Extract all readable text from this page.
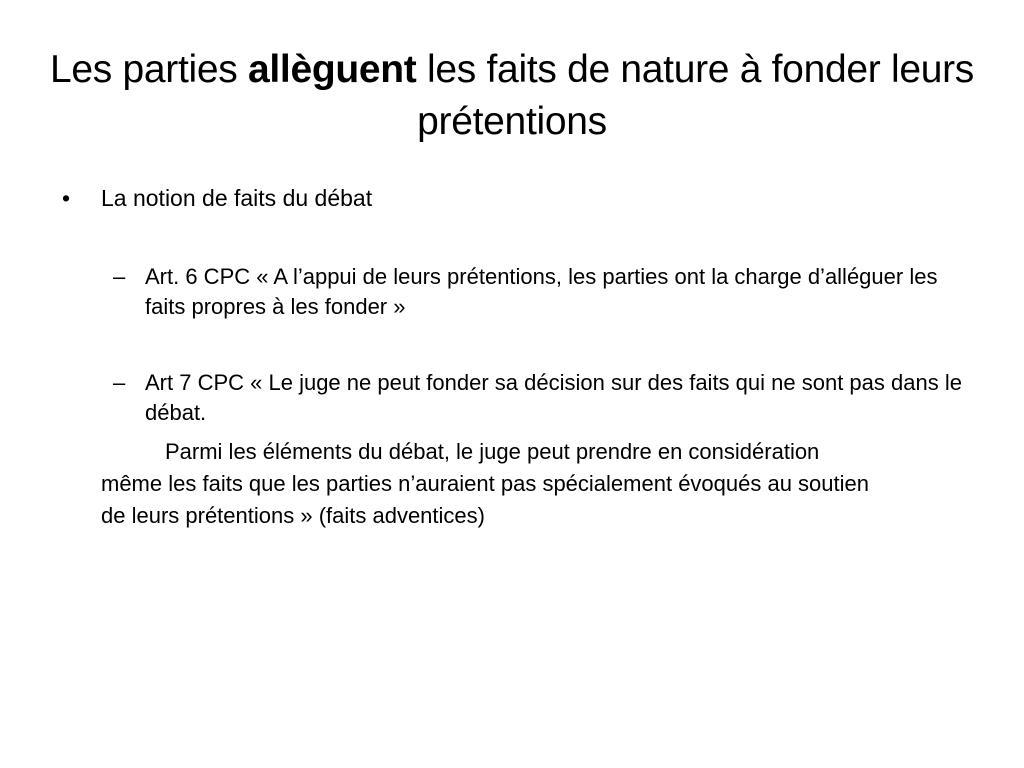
Les parties allèguent les faits de nature à fonder leurs prétentions
• La notion de faits du débat
– Art. 6 CPC « A l’appui de leurs prétentions, les parties ont la charge d’alléguer les faits propres à les fonder »
– Art 7 CPC « Le juge ne peut fonder sa décision sur des faits qui ne sont pas dans le débat.

Parmi les éléments du débat, le juge peut prendre en considération même les faits que les parties n’auraient pas spécialement évoqués au soutien de leurs prétentions » (faits adventices)
